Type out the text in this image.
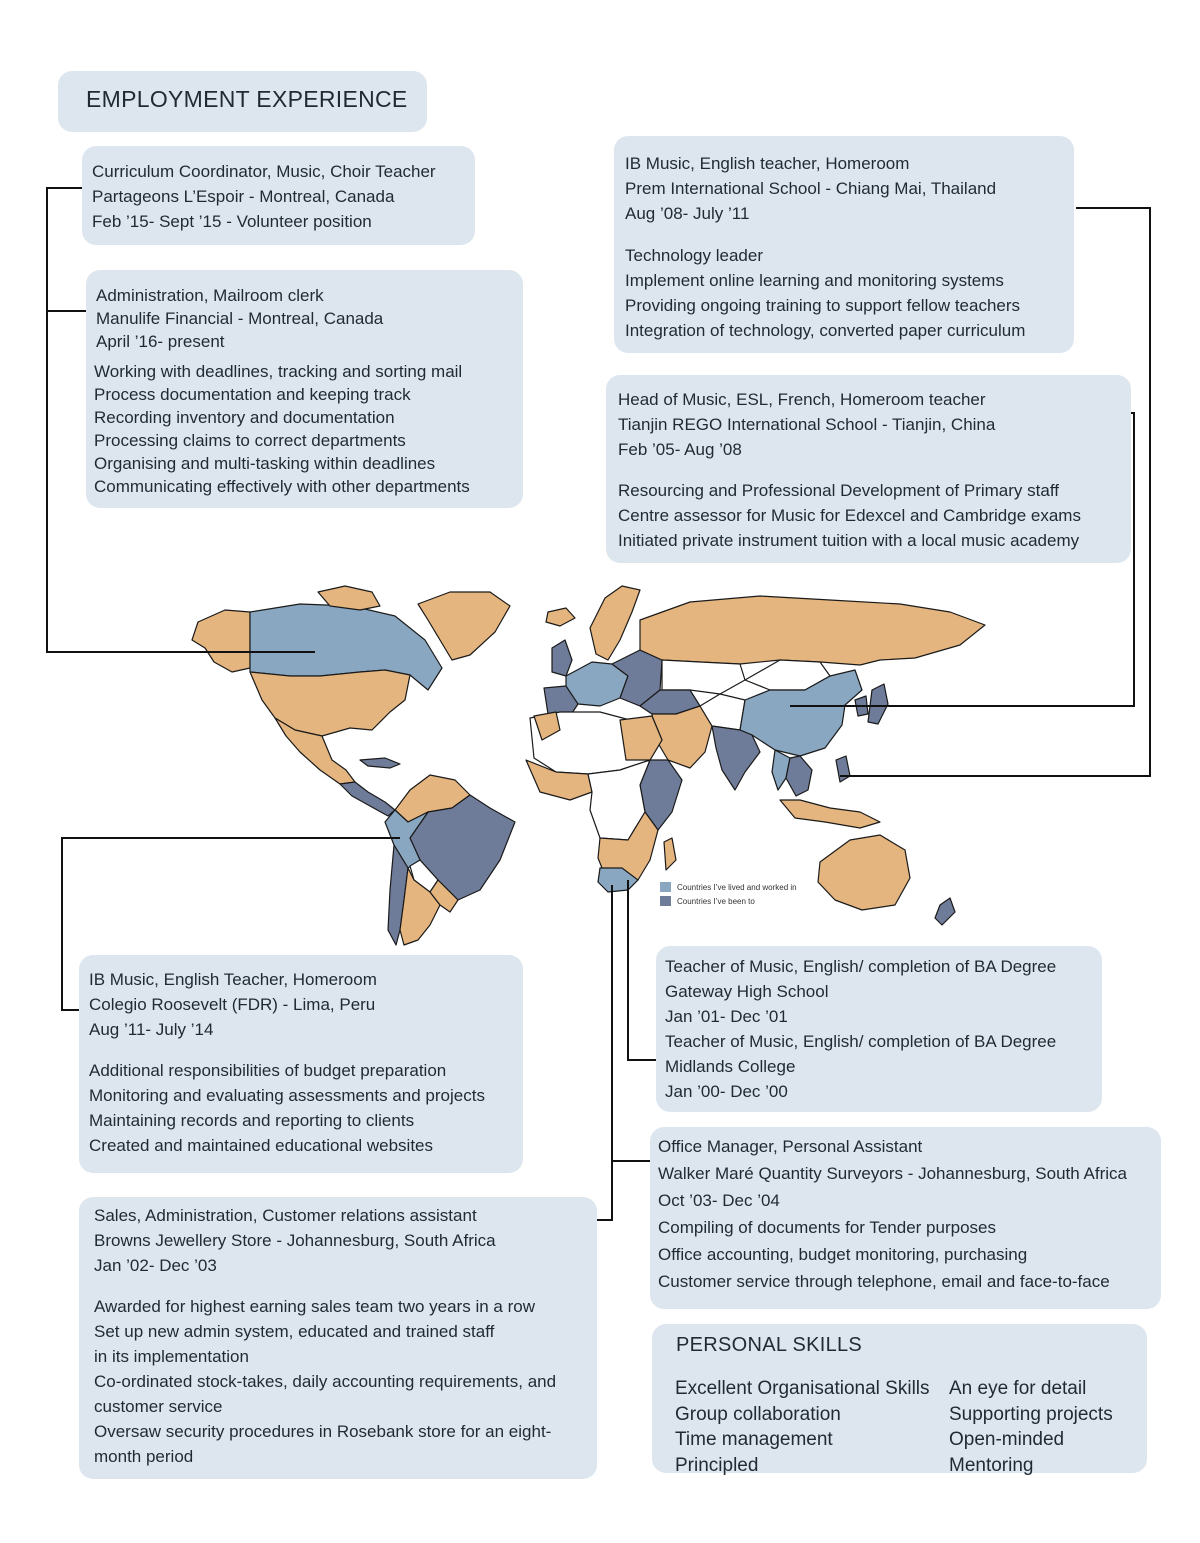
Countries I’ve lived and worked in
Countries I’ve been to
EMPLOYMENT EXPERIENCE
Curriculum Coordinator, Music, Choir Teacher
Partageons L’Espoir - Montreal, Canada
Feb ’15- Sept ’15 - Volunteer position
Administration, Mailroom clerk
Manulife Financial - Montreal, Canada
April ’16- present
Working with deadlines, tracking and sorting mail
Process documentation and keeping track
Recording inventory and documentation
Processing claims to correct departments
Organising and multi-tasking within deadlines
Communicating effectively with other departments
IB Music, English teacher, Homeroom
Prem International School - Chiang Mai, Thailand
Aug ’08- July ’11
Technology leader
Implement online learning and monitoring systems
Providing ongoing training to support fellow teachers
Integration of technology, converted paper curriculum
Head of Music, ESL, French, Homeroom teacher
Tianjin REGO International School - Tianjin, China
Feb ’05- Aug ’08
Resourcing and Professional Development of Primary staff
Centre assessor for Music for Edexcel and Cambridge exams
Initiated private instrument tuition with a local music academy
IB Music, English Teacher, Homeroom
Colegio Roosevelt (FDR) - Lima, Peru
Aug ’11- July ’14
Additional responsibilities of budget preparation
Monitoring and evaluating assessments and projects
Maintaining records and reporting to clients
Created and maintained educational websites
Teacher of Music, English/ completion of BA Degree
Gateway High School
Jan ’01- Dec ’01
Teacher of Music, English/ completion of BA Degree
Midlands College
Jan ’00- Dec ’00
Office Manager, Personal Assistant
Walker Maré Quantity Surveyors - Johannesburg, South Africa
Oct ’03- Dec ’04
Compiling of documents for Tender purposes
Office accounting, budget monitoring, purchasing
Customer service through telephone, email and face-to-face
Sales, Administration, Customer relations assistant
Browns Jewellery Store - Johannesburg, South Africa
Jan ’02- Dec ’03
Awarded for highest earning sales team two years in a row
Set up new admin system, educated and trained staff
in its implementation
Co-ordinated stock-takes, daily accounting requirements, and
customer service
Oversaw security procedures in Rosebank store for an eight-
month period
PERSONAL SKILLS
Excellent Organisational Skills
Group collaboration
Time management
Principled
An eye for detail
Supporting projects
Open-minded
Mentoring
